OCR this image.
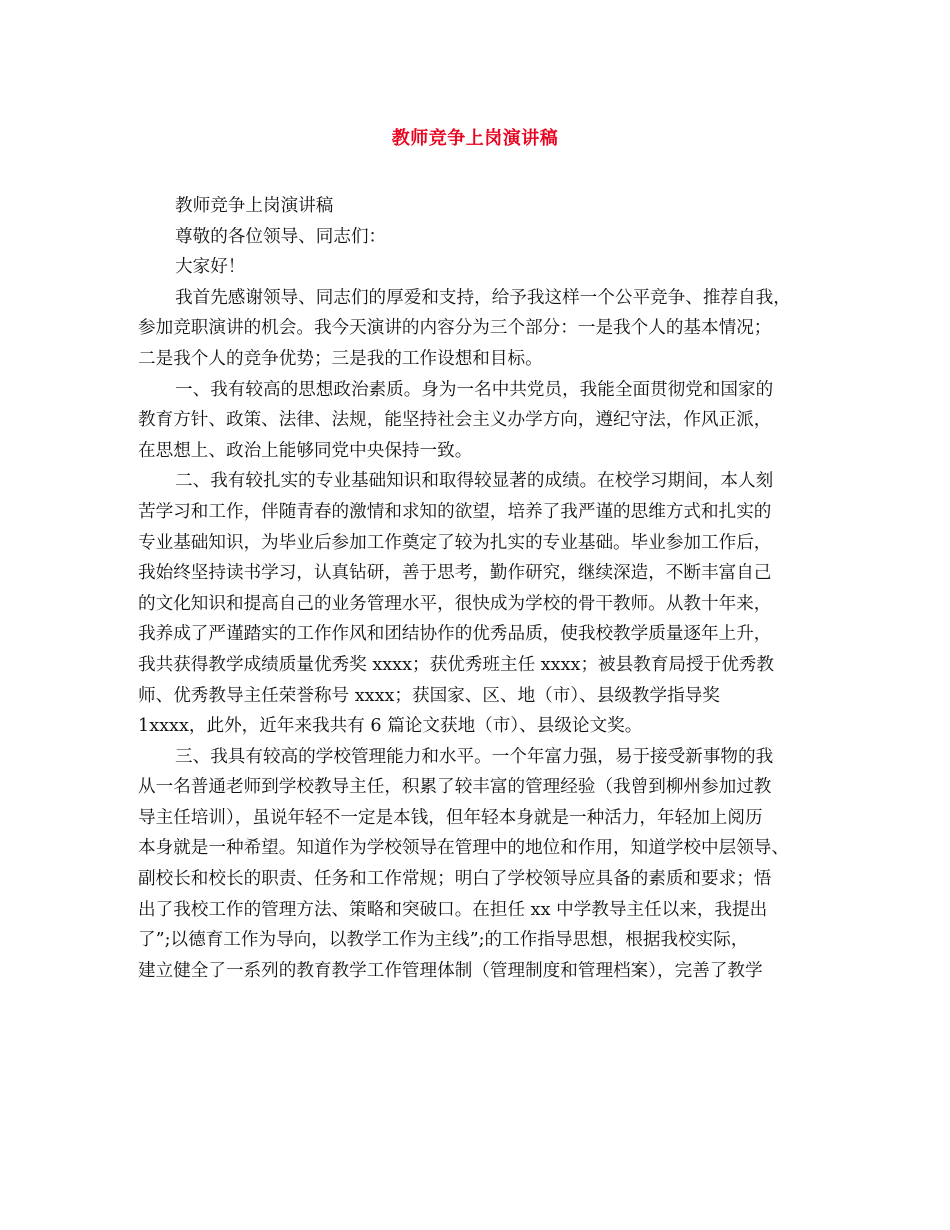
教师竞争上岗演讲稿
教师竞争上岗演讲稿
尊敬的各位领导、同志们：
大家好！
我首先感谢领导、同志们的厚爱和支持，给予我这样一个公平竞争、推荐自我，
参加竞职演讲的机会。我今天演讲的内容分为三个部分：一是我个人的基本情况；
二是我个人的竞争优势；三是我的工作设想和目标。
一、我有较高的思想政治素质。身为一名中共党员，我能全面贯彻党和国家的
教育方针、政策、法律、法规，能坚持社会主义办学方向，遵纪守法，作风正派，
在思想上、政治上能够同党中央保持一致。
二、我有较扎实的专业基础知识和取得较显著的成绩。在校学习期间，本人刻
苦学习和工作，伴随青春的激情和求知的欲望，培养了我严谨的思维方式和扎实的
专业基础知识，为毕业后参加工作奠定了较为扎实的专业基础。毕业参加工作后，
我始终坚持读书学习，认真钻研，善于思考，勤作研究，继续深造，不断丰富自己
的文化知识和提高自己的业务管理水平，很快成为学校的骨干教师。从教十年来，
我养成了严谨踏实的工作作风和团结协作的优秀品质，使我校教学质量逐年上升，
我共获得教学成绩质量优秀奖 xxxx；获优秀班主任 xxxx；被县教育局授于优秀教
师、优秀教导主任荣誉称号 xxxx；获国家、区、地（市）、县级教学指导奖
1xxxx，此外，近年来我共有 6 篇论文获地（市）、县级论文奖。
三、我具有较高的学校管理能力和水平。一个年富力强，易于接受新事物的我
从一名普通老师到学校教导主任，积累了较丰富的管理经验（我曾到柳州参加过教
导主任培训），虽说年轻不一定是本钱，但年轻本身就是一种活力，年轻加上阅历
本身就是一种希望。知道作为学校领导在管理中的地位和作用，知道学校中层领导、
副校长和校长的职责、任务和工作常规；明白了学校领导应具备的素质和要求；悟
出了我校工作的管理方法、策略和突破口。在担任 xx 中学教导主任以来，我提出
了”;以德育工作为导向，以教学工作为主线”;的工作指导思想，根据我校实际，
建立健全了一系列的教育教学工作管理体制（管理制度和管理档案），完善了教学
